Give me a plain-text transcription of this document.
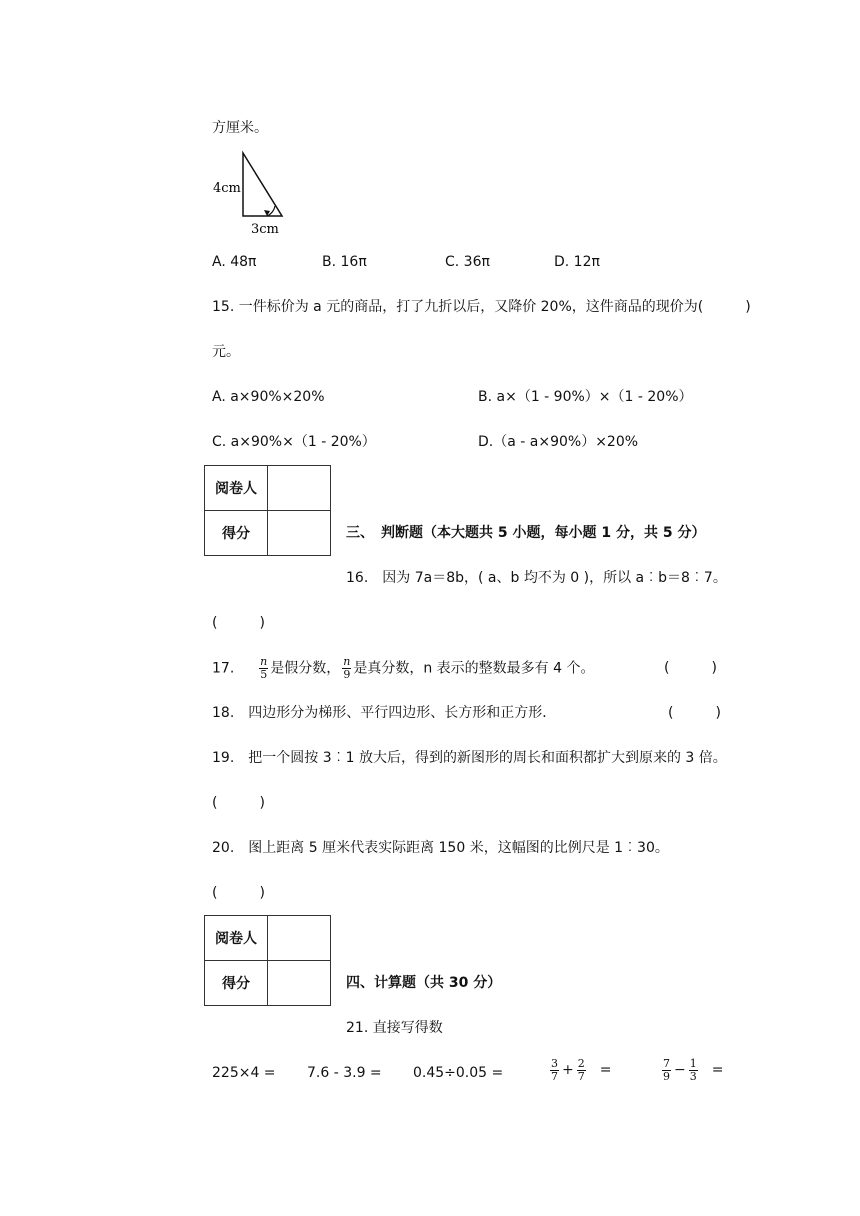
方厘米。
4cm
3cm
A. 48π	B. 16π	C. 36π	D. 12π
15. 一件标价为 a 元的商品，打了九折以后，又降价 20%，这件商品的现价为(　　　)
元。
A. a×90%×20%	B. a×（1 - 90%）×（1 - 20%）
C. a×90%×（1 - 20%）	D.（a - a×90%）×20%
阅卷人	
得分		三、　判断题（本大题共 5 小题，每小题 1 分，共 5 分）
16.　因为 7a＝8b，( a、b 均不为 0 )，所以 a︰b＝8︰7。
(　　　)
17. $\frac{n}{5}$ 是假分数， $\frac{n}{9}$ 是真分数，n 表示的整数最多有 4 个。	(　　　)
18.　四边形分为梯形、平行四边形、长方形和正方形．	(　　　)
19.　把一个圆按 3︰1 放大后，得到的新图形的周长和面积都扩大到原来的 3 倍。
(　　　)
20.　图上距离 5 厘米代表实际距离 150 米，这幅图的比例尺是 1︰30。
(　　　)
阅卷人	
得分		四、计算题（共 30 分）
21. 直接写得数
225×4 = 7.6 - 3.9 = 0.45÷0.05 =	$\frac{3}{7} + \frac{2}{7}$ =	$\frac{7}{9} - \frac{1}{3}$ =
